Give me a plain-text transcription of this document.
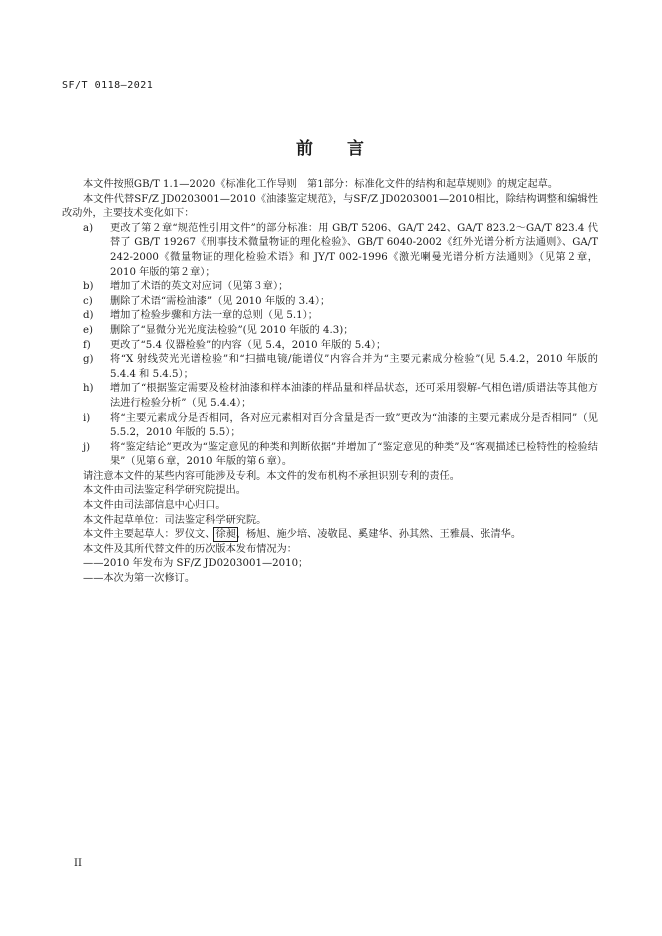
SF/T 0118—2021
前 言

本文件按照GB/T 1.1—2020《标准化工作导则　第1部分：标准化文件的结构和起草规则》的规定起草。

本文件代替SF/Z JD0203001—2010《油漆鉴定规范》，与SF/Z JD0203001—2010相比，除结构调整和编辑性改动外，主要技术变化如下：

a) 更改了第２章“规范性引用文件”的部分标准：用 GB/T 5206、GA/T 242、GA/T 823.2～GA/T 823.4 代替了 GB/T 19267《刑事技术微量物证的理化检验》、GB/T 6040-2002《红外光谱分析方法通则》、GA/T 242-2000《微量物证的理化检验术语》和 JY/T 002-1996《激光喇曼光谱分析方法通则》（见第２章，2010 年版的第２章）；

b) 增加了术语的英文对应词（见第３章）；

c) 删除了术语“需检油漆”（见 2010 年版的 3.4）；

d) 增加了检验步骤和方法一章的总则（见 5.1）；

e) 删除了“显微分光光度法检验”(见 2010 年版的 4.3)；

f) 更改了“5.4 仪器检验”的内容（见 5.4，2010 年版的 5.4）；

g) 将“X 射线荧光光谱检验”和“扫描电镜/能谱仪”内容合并为“主要元素成分检验”(见 5.4.2，2010 年版的 5.4.4 和 5.4.5）；

h) 增加了“根据鉴定需要及检材油漆和样本油漆的样品量和样品状态，还可采用裂解-气相色谱/质谱法等其他方法进行检验分析”（见 5.4.4）；

i) 将“主要元素成分是否相同，各对应元素相对百分含量是否一致”更改为“油漆的主要元素成分是否相同”（见 5.5.2，2010 年版的 5.5）；

j) 将“鉴定结论”更改为“鉴定意见的种类和判断依据”并增加了“鉴定意见的种类”及“客观描述已检特性的检验结果”（见第６章，2010 年版的第６章）。

请注意本文件的某些内容可能涉及专利。本文件的发布机构不承担识别专利的责任。

本文件由司法鉴定科学研究院提出。

本文件由司法部信息中心归口。

本文件起草单位：司法鉴定科学研究院。

本文件主要起草人：罗仪文、徐昶、杨旭、施少培、凌敬昆、奚建华、孙其然、王雅晨、张清华。

本文件及其所代替文件的历次版本发布情况为：

——2010 年发布为 SF/Z JD0203001—2010；

——本次为第一次修订。

II
